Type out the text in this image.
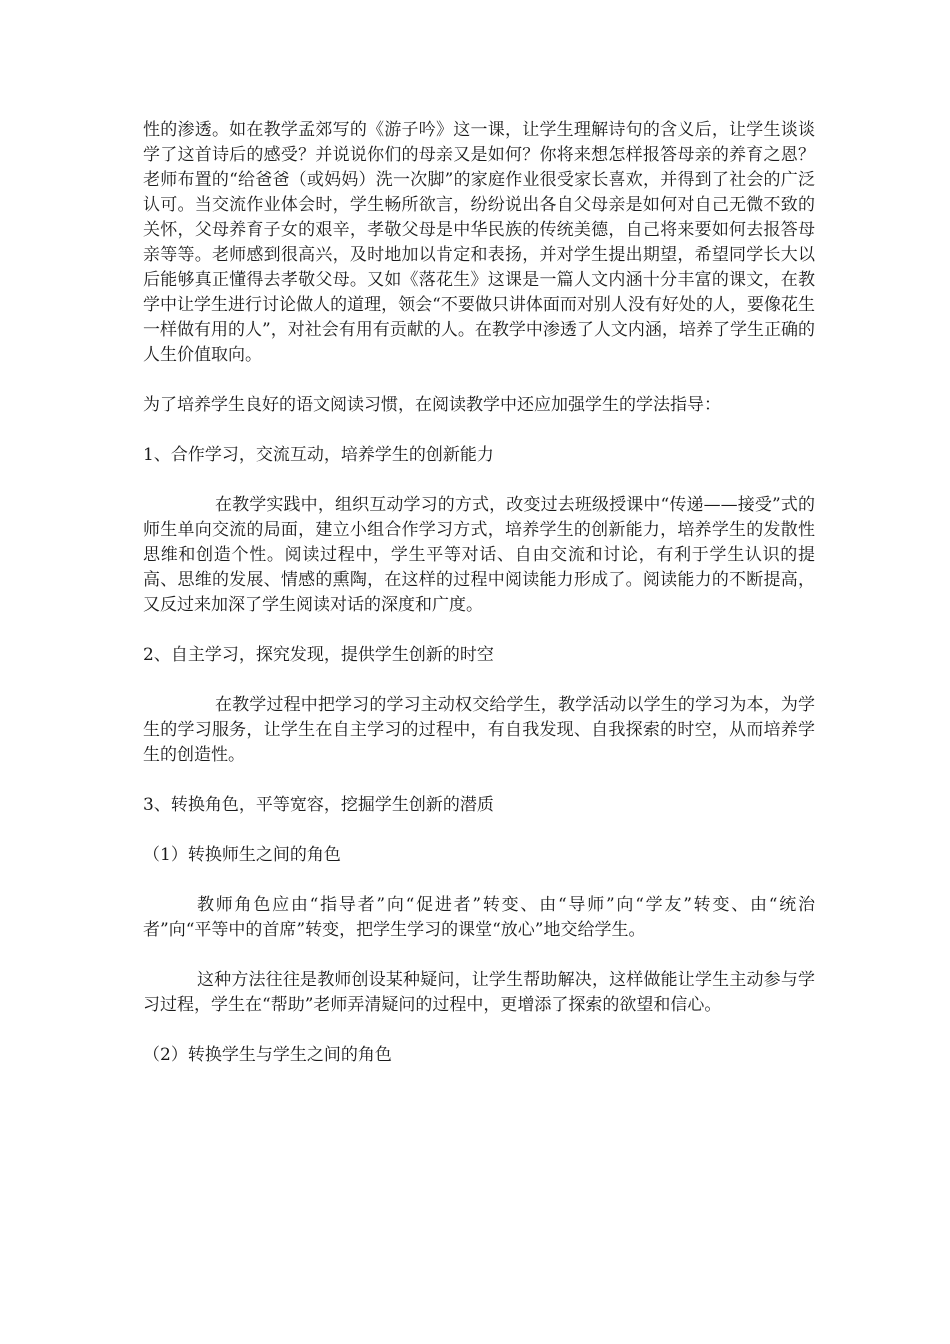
性的渗透。如在教学孟郊写的《游子吟》这一课，让学生理解诗句的含义后，让学生谈谈学了这首诗后的感受？并说说你们的母亲又是如何？你将来想怎样报答母亲的养育之恩？老师布置的“给爸爸（或妈妈）洗一次脚”的家庭作业很受家长喜欢，并得到了社会的广泛认可。当交流作业体会时，学生畅所欲言，纷纷说出各自父母亲是如何对自己无微不致的关怀，父母养育子女的艰辛，孝敬父母是中华民族的传统美德，自己将来要如何去报答母亲等等。老师感到很高兴，及时地加以肯定和表扬，并对学生提出期望，希望同学长大以后能够真正懂得去孝敬父母。又如《落花生》这课是一篇人文内涵十分丰富的课文，在教学中让学生进行讨论做人的道理，领会“不要做只讲体面而对别人没有好处的人，要像花生一样做有用的人”，对社会有用有贡献的人。在教学中渗透了人文内涵，培养了学生正确的人生价值取向。

为了培养学生良好的语文阅读习惯，在阅读教学中还应加强学生的学法指导：

1、合作学习，交流互动，培养学生的创新能力

在教学实践中，组织互动学习的方式，改变过去班级授课中“传递——接受”式的师生单向交流的局面，建立小组合作学习方式，培养学生的创新能力，培养学生的发散性思维和创造个性。阅读过程中，学生平等对话、自由交流和讨论，有利于学生认识的提高、思维的发展、情感的熏陶，在这样的过程中阅读能力形成了。阅读能力的不断提高，又反过来加深了学生阅读对话的深度和广度。

2、自主学习，探究发现，提供学生创新的时空

在教学过程中把学习的学习主动权交给学生，教学活动以学生的学习为本，为学生的学习服务，让学生在自主学习的过程中，有自我发现、自我探索的时空，从而培养学生的创造性。

3、转换角色，平等宽容，挖掘学生创新的潜质

（1）转换师生之间的角色

教师角色应由“指导者”向“促进者”转变、由“导师”向“学友”转变、由“统治者”向“平等中的首席”转变，把学生学习的课堂“放心”地交给学生。

这种方法往往是教师创设某种疑问，让学生帮助解决，这样做能让学生主动参与学习过程，学生在“帮助”老师弄清疑问的过程中，更增添了探索的欲望和信心。

（2）转换学生与学生之间的角色
